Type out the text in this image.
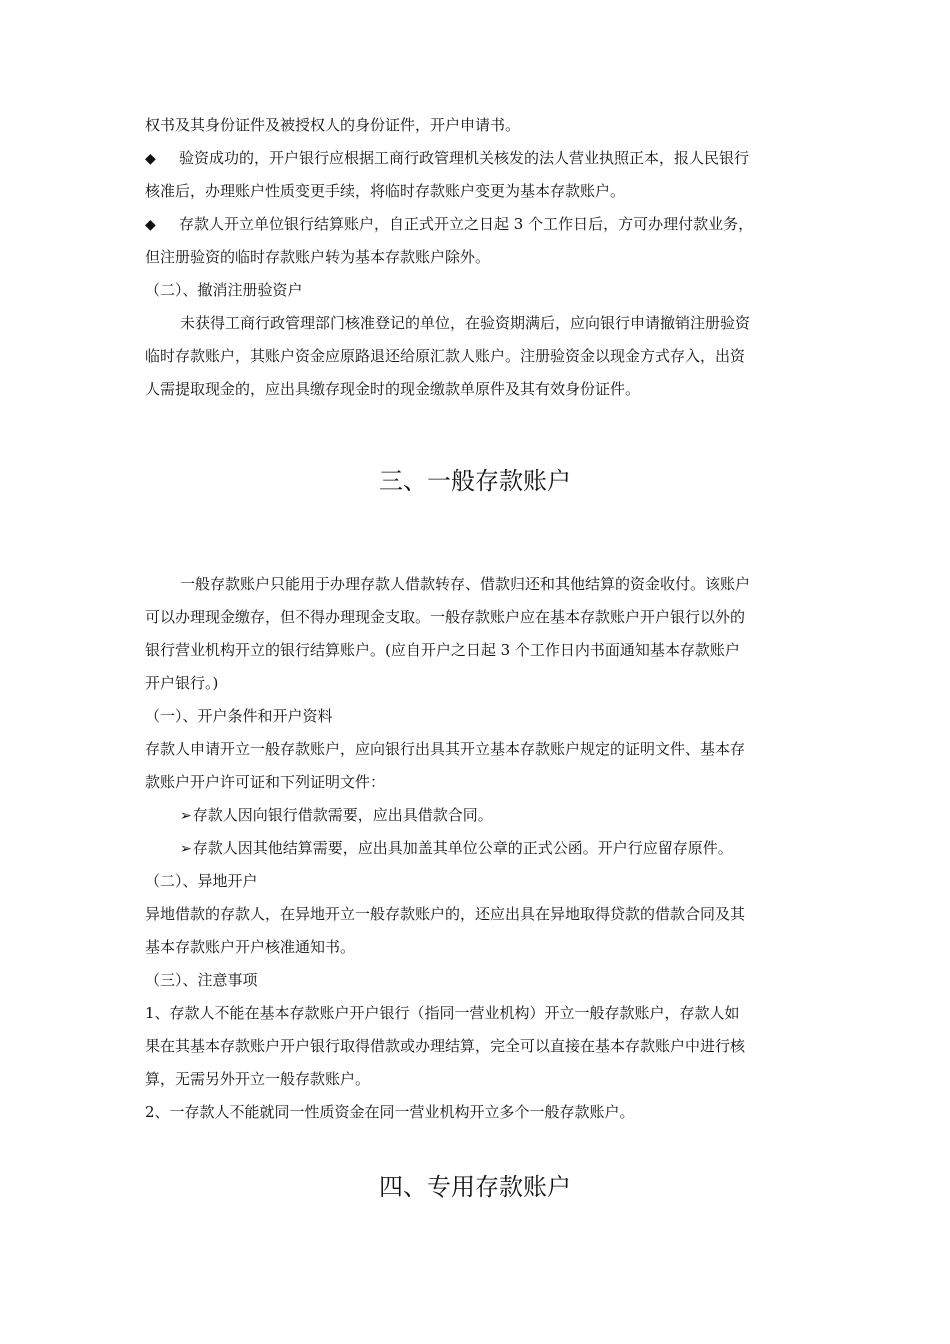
权书及其身份证件及被授权人的身份证件，开户申请书。
◆ 验资成功的，开户银行应根据工商行政管理机关核发的法人营业执照正本，报人民银行
核准后，办理账户性质变更手续，将临时存款账户变更为基本存款账户。
◆ 存款人开立单位银行结算账户，自正式开立之日起 3 个工作日后，方可办理付款业务，
但注册验资的临时存款账户转为基本存款账户除外。
（二）、撤消注册验资户
未获得工商行政管理部门核准登记的单位，在验资期满后，应向银行申请撤销注册验资
临时存款账户，其账户资金应原路退还给原汇款人账户。注册验资金以现金方式存入，出资
人需提取现金的，应出具缴存现金时的现金缴款单原件及其有效身份证件。
三、一般存款账户
一般存款账户只能用于办理存款人借款转存、借款归还和其他结算的资金收付。该账户
可以办理现金缴存，但不得办理现金支取。一般存款账户应在基本存款账户开户银行以外的
银行营业机构开立的银行结算账户。(应自开户之日起 3 个工作日内书面通知基本存款账户
开户银行。)
（一）、开户条件和开户资料
存款人申请开立一般存款账户，应向银行出具其开立基本存款账户规定的证明文件、基本存
款账户开户许可证和下列证明文件：
➢存款人因向银行借款需要，应出具借款合同。
➢存款人因其他结算需要，应出具加盖其单位公章的正式公函。开户行应留存原件。
（二）、异地开户
异地借款的存款人，在异地开立一般存款账户的，还应出具在异地取得贷款的借款合同及其
基本存款账户开户核准通知书。
（三）、注意事项
1、存款人不能在基本存款账户开户银行（指同一营业机构）开立一般存款账户，存款人如
果在其基本存款账户开户银行取得借款或办理结算，完全可以直接在基本存款账户中进行核
算，无需另外开立一般存款账户。
2、一存款人不能就同一性质资金在同一营业机构开立多个一般存款账户。
四、专用存款账户
